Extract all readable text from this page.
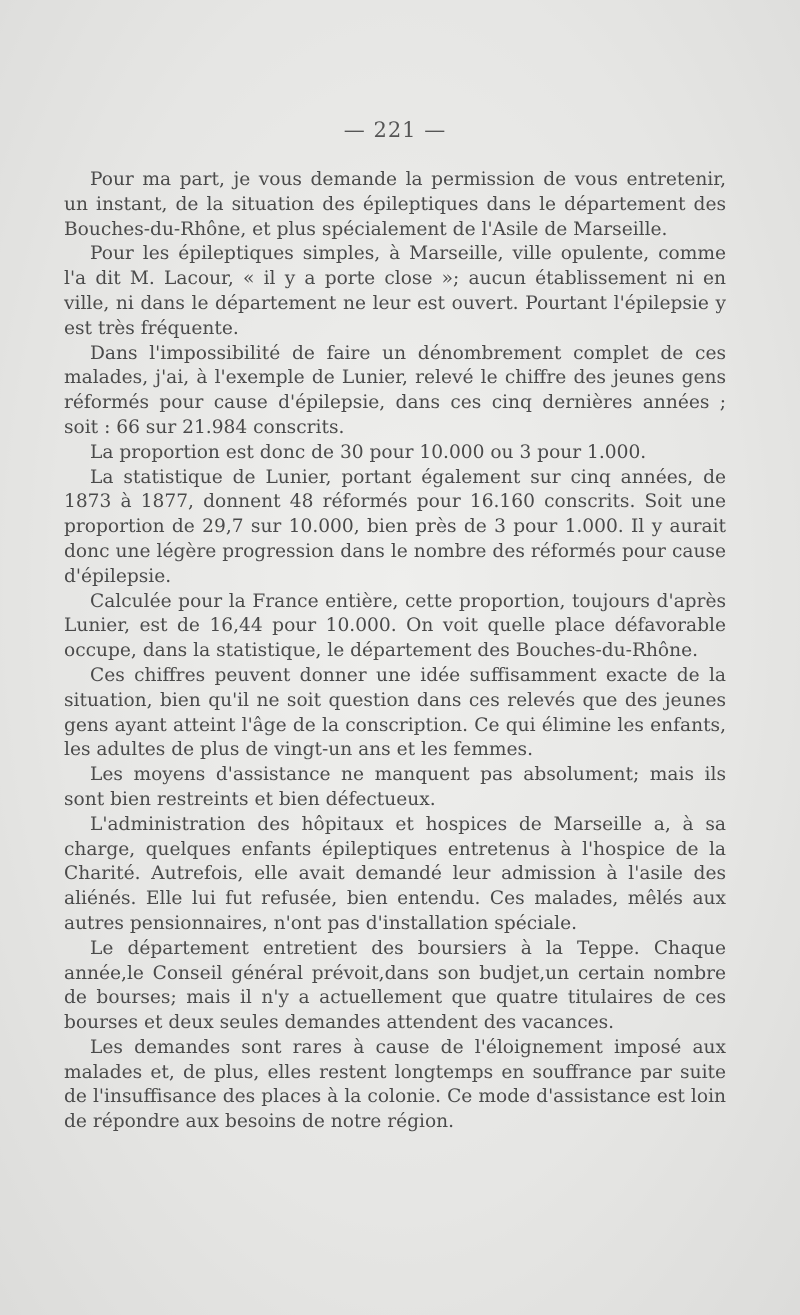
— 221 —

Pour ma part, je vous demande la permission de vous entretenir, un instant, de la situation des épileptiques dans le département des Bouches-du-Rhône, et plus spécialement de l'Asile de Marseille.

Pour les épileptiques simples, à Marseille, ville opulente, comme l'a dit M. Lacour, « il y a porte close »; aucun établissement ni en ville, ni dans le département ne leur est ouvert. Pourtant l'épilepsie y est très fréquente.

Dans l'impossibilité de faire un dénombrement complet de ces malades, j'ai, à l'exemple de Lunier, relevé le chiffre des jeunes gens réformés pour cause d'épilepsie, dans ces cinq dernières années ; soit : 66 sur 21.984 conscrits.

La proportion est donc de 30 pour 10.000 ou 3 pour 1.000.

La statistique de Lunier, portant également sur cinq années, de 1873 à 1877, donnent 48 réformés pour 16.160 conscrits. Soit une proportion de 29,7 sur 10.000, bien près de 3 pour 1.000. Il y aurait donc une légère progression dans le nombre des réformés pour cause d'épilepsie.

Calculée pour la France entière, cette proportion, toujours d'après Lunier, est de 16,44 pour 10.000. On voit quelle place défavorable occupe, dans la statistique, le département des Bouches-du-Rhône.

Ces chiffres peuvent donner une idée suffisamment exacte de la situation, bien qu'il ne soit question dans ces relevés que des jeunes gens ayant atteint l'âge de la conscription. Ce qui élimine les enfants, les adultes de plus de vingt-un ans et les femmes.

Les moyens d'assistance ne manquent pas absolument; mais ils sont bien restreints et bien défectueux.

L'administration des hôpitaux et hospices de Marseille a, à sa charge, quelques enfants épileptiques entretenus à l'hospice de la Charité. Autrefois, elle avait demandé leur admission à l'asile des aliénés. Elle lui fut refusée, bien entendu. Ces malades, mêlés aux autres pensionnaires, n'ont pas d'installation spéciale.

Le département entretient des boursiers à la Teppe. Chaque année,le Conseil général prévoit,dans son budjet,un certain nombre de bourses; mais il n'y a actuellement que quatre titulaires de ces bourses et deux seules demandes attendent des vacances.

Les demandes sont rares à cause de l'éloignement imposé aux malades et, de plus, elles restent longtemps en souffrance par suite de l'insuffisance des places à la colonie. Ce mode d'assistance est loin de répondre aux besoins de notre région.
